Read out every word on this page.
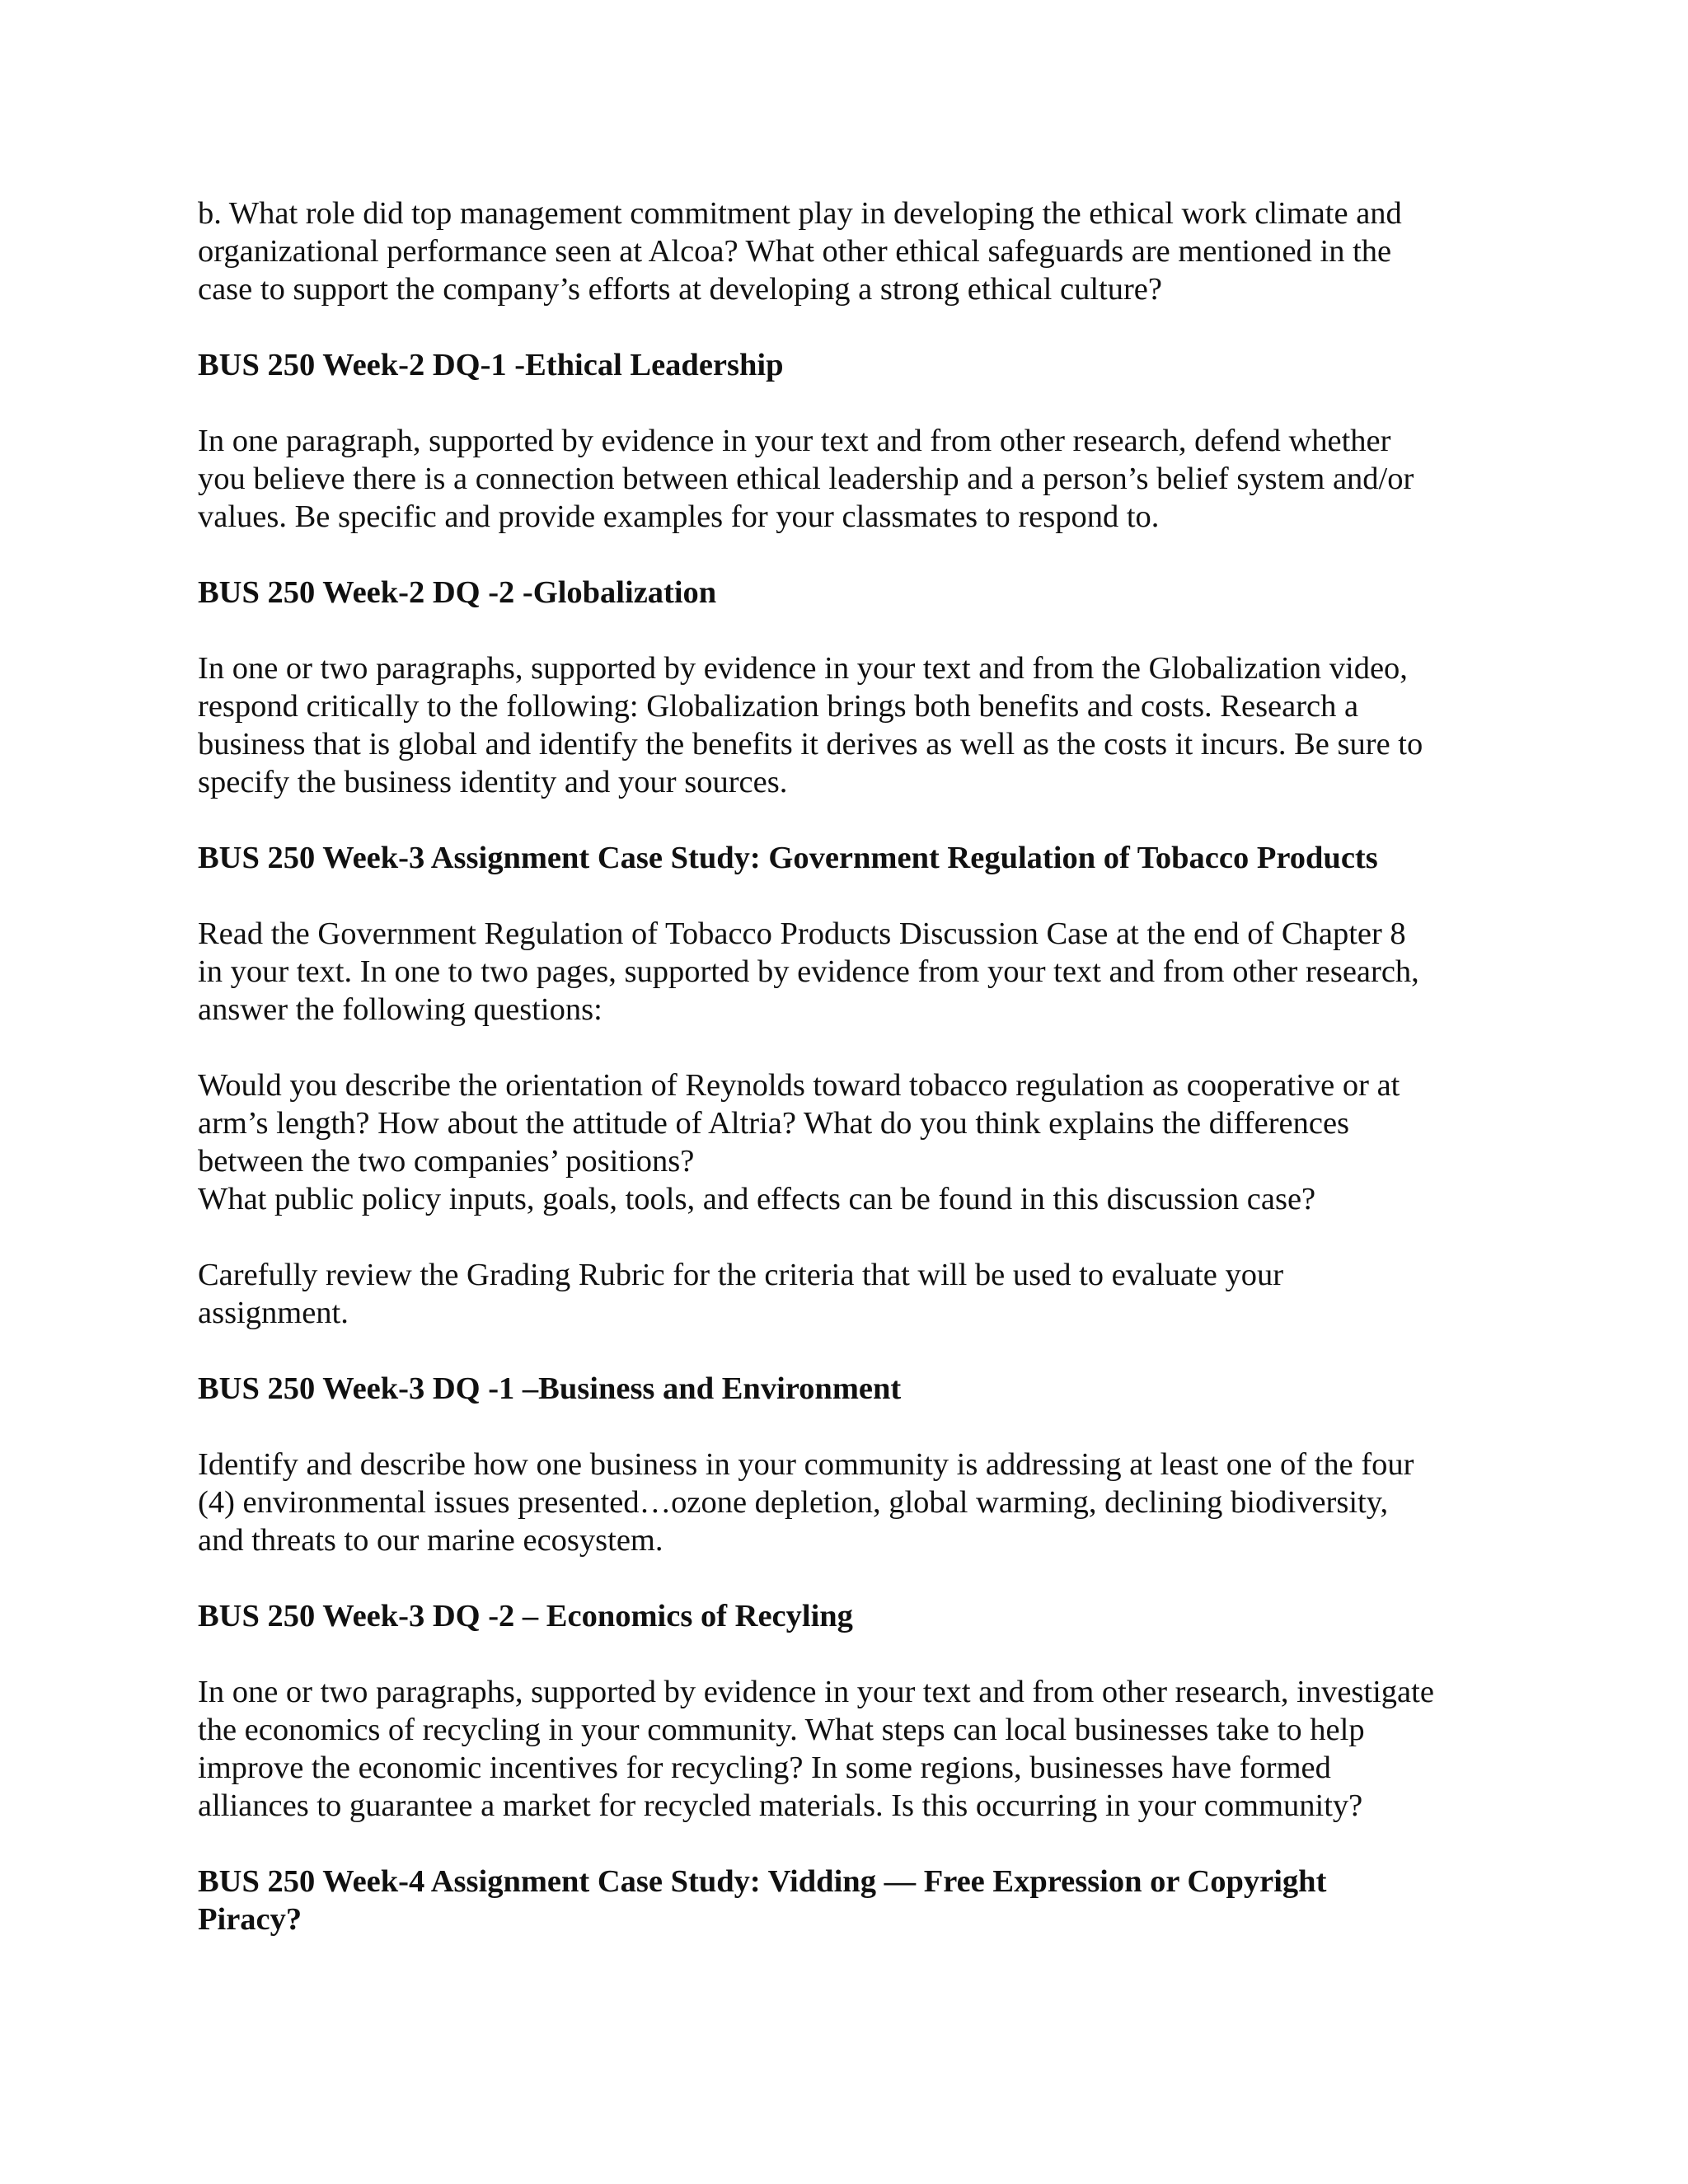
b. What role did top management commitment play in developing the ethical work climate and
organizational performance seen at Alcoa? What other ethical safeguards are mentioned in the
case to support the company’s efforts at developing a strong ethical culture?
BUS 250 Week-2 DQ-1 -Ethical Leadership
In one paragraph, supported by evidence in your text and from other research, defend whether
you believe there is a connection between ethical leadership and a person’s belief system and/or
values. Be specific and provide examples for your classmates to respond to.
BUS 250 Week-2 DQ -2 -Globalization
In one or two paragraphs, supported by evidence in your text and from the Globalization video,
respond critically to the following: Globalization brings both benefits and costs. Research a
business that is global and identify the benefits it derives as well as the costs it incurs. Be sure to
specify the business identity and your sources.
BUS 250 Week-3 Assignment Case Study: Government Regulation of Tobacco Products
Read the Government Regulation of Tobacco Products Discussion Case at the end of Chapter 8
in your text. In one to two pages, supported by evidence from your text and from other research,
answer the following questions:
Would you describe the orientation of Reynolds toward tobacco regulation as cooperative or at
arm’s length? How about the attitude of Altria? What do you think explains the differences
between the two companies’ positions?
What public policy inputs, goals, tools, and effects can be found in this discussion case?
Carefully review the Grading Rubric for the criteria that will be used to evaluate your
assignment.
BUS 250 Week-3 DQ -1 –Business and Environment
Identify and describe how one business in your community is addressing at least one of the four
(4) environmental issues presented…ozone depletion, global warming, declining biodiversity,
and threats to our marine ecosystem.
BUS 250 Week-3 DQ -2 – Economics of Recyling
In one or two paragraphs, supported by evidence in your text and from other research, investigate
the economics of recycling in your community. What steps can local businesses take to help
improve the economic incentives for recycling? In some regions, businesses have formed
alliances to guarantee a market for recycled materials. Is this occurring in your community?
BUS 250 Week-4 Assignment Case Study: Vidding — Free Expression or Copyright
Piracy?
